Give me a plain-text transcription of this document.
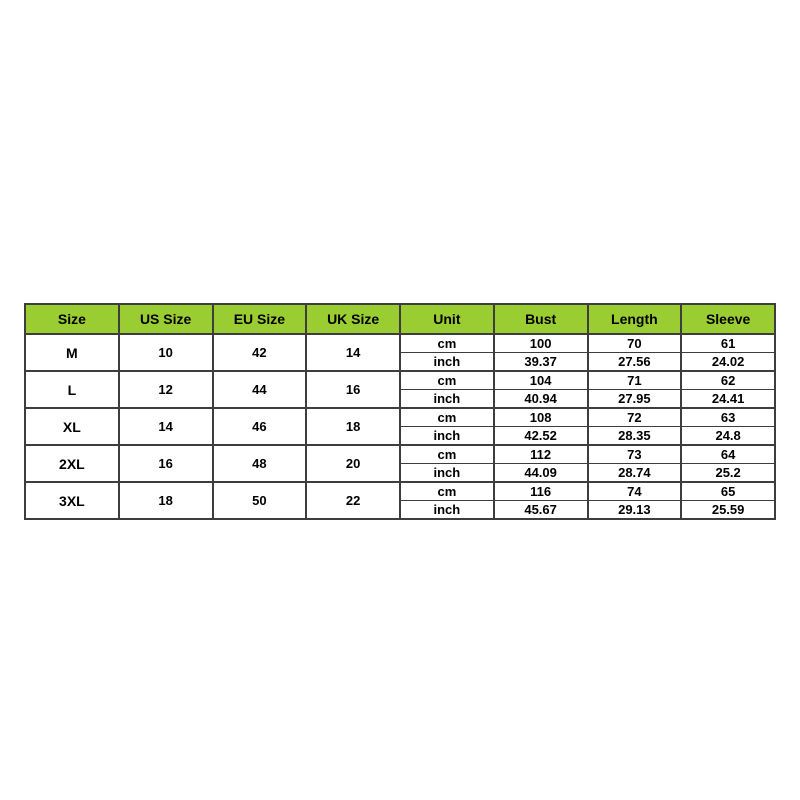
Size	US Size	EU Size	UK Size	Unit	Bust	Length	Sleeve
M	10	42	14	cm	100	70	61
				inch	39.37	27.56	24.02
L	12	44	16	cm	104	71	62
				inch	40.94	27.95	24.41
XL	14	46	18	cm	108	72	63
				inch	42.52	28.35	24.8
2XL	16	48	20	cm	112	73	64
				inch	44.09	28.74	25.2
3XL	18	50	22	cm	116	74	65
				inch	45.67	29.13	25.59
